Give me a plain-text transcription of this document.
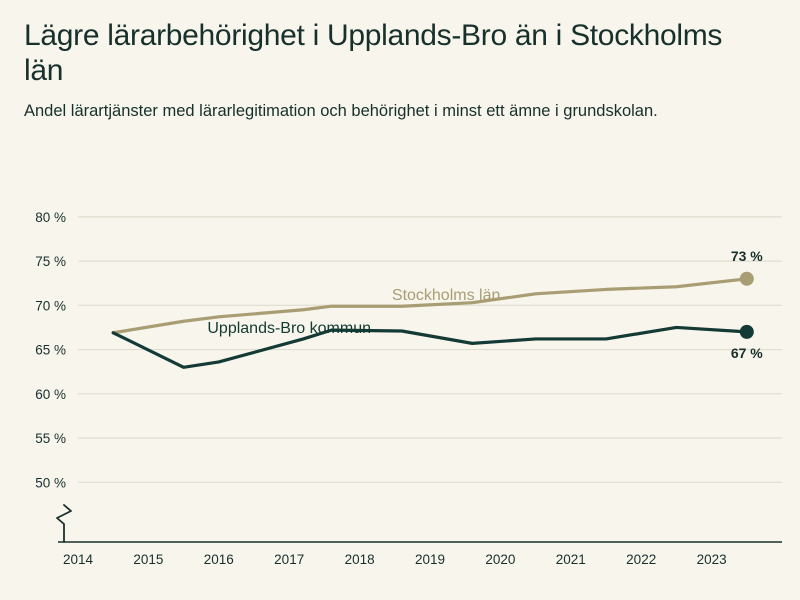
Lägre lärarbehörighet i Upplands-Bro än i Stockholms län

Andel lärartjänster med lärarlegitimation och behörighet i minst ett ämne i grundskolan.

50 %
55 %
60 %
65 %
70 %
75 %
80 %
2014	2015	2016	2017	2018	2019	2020	2021	2022	2023
73 %
Stockholms län
67 %
Upplands-Bro kommun
